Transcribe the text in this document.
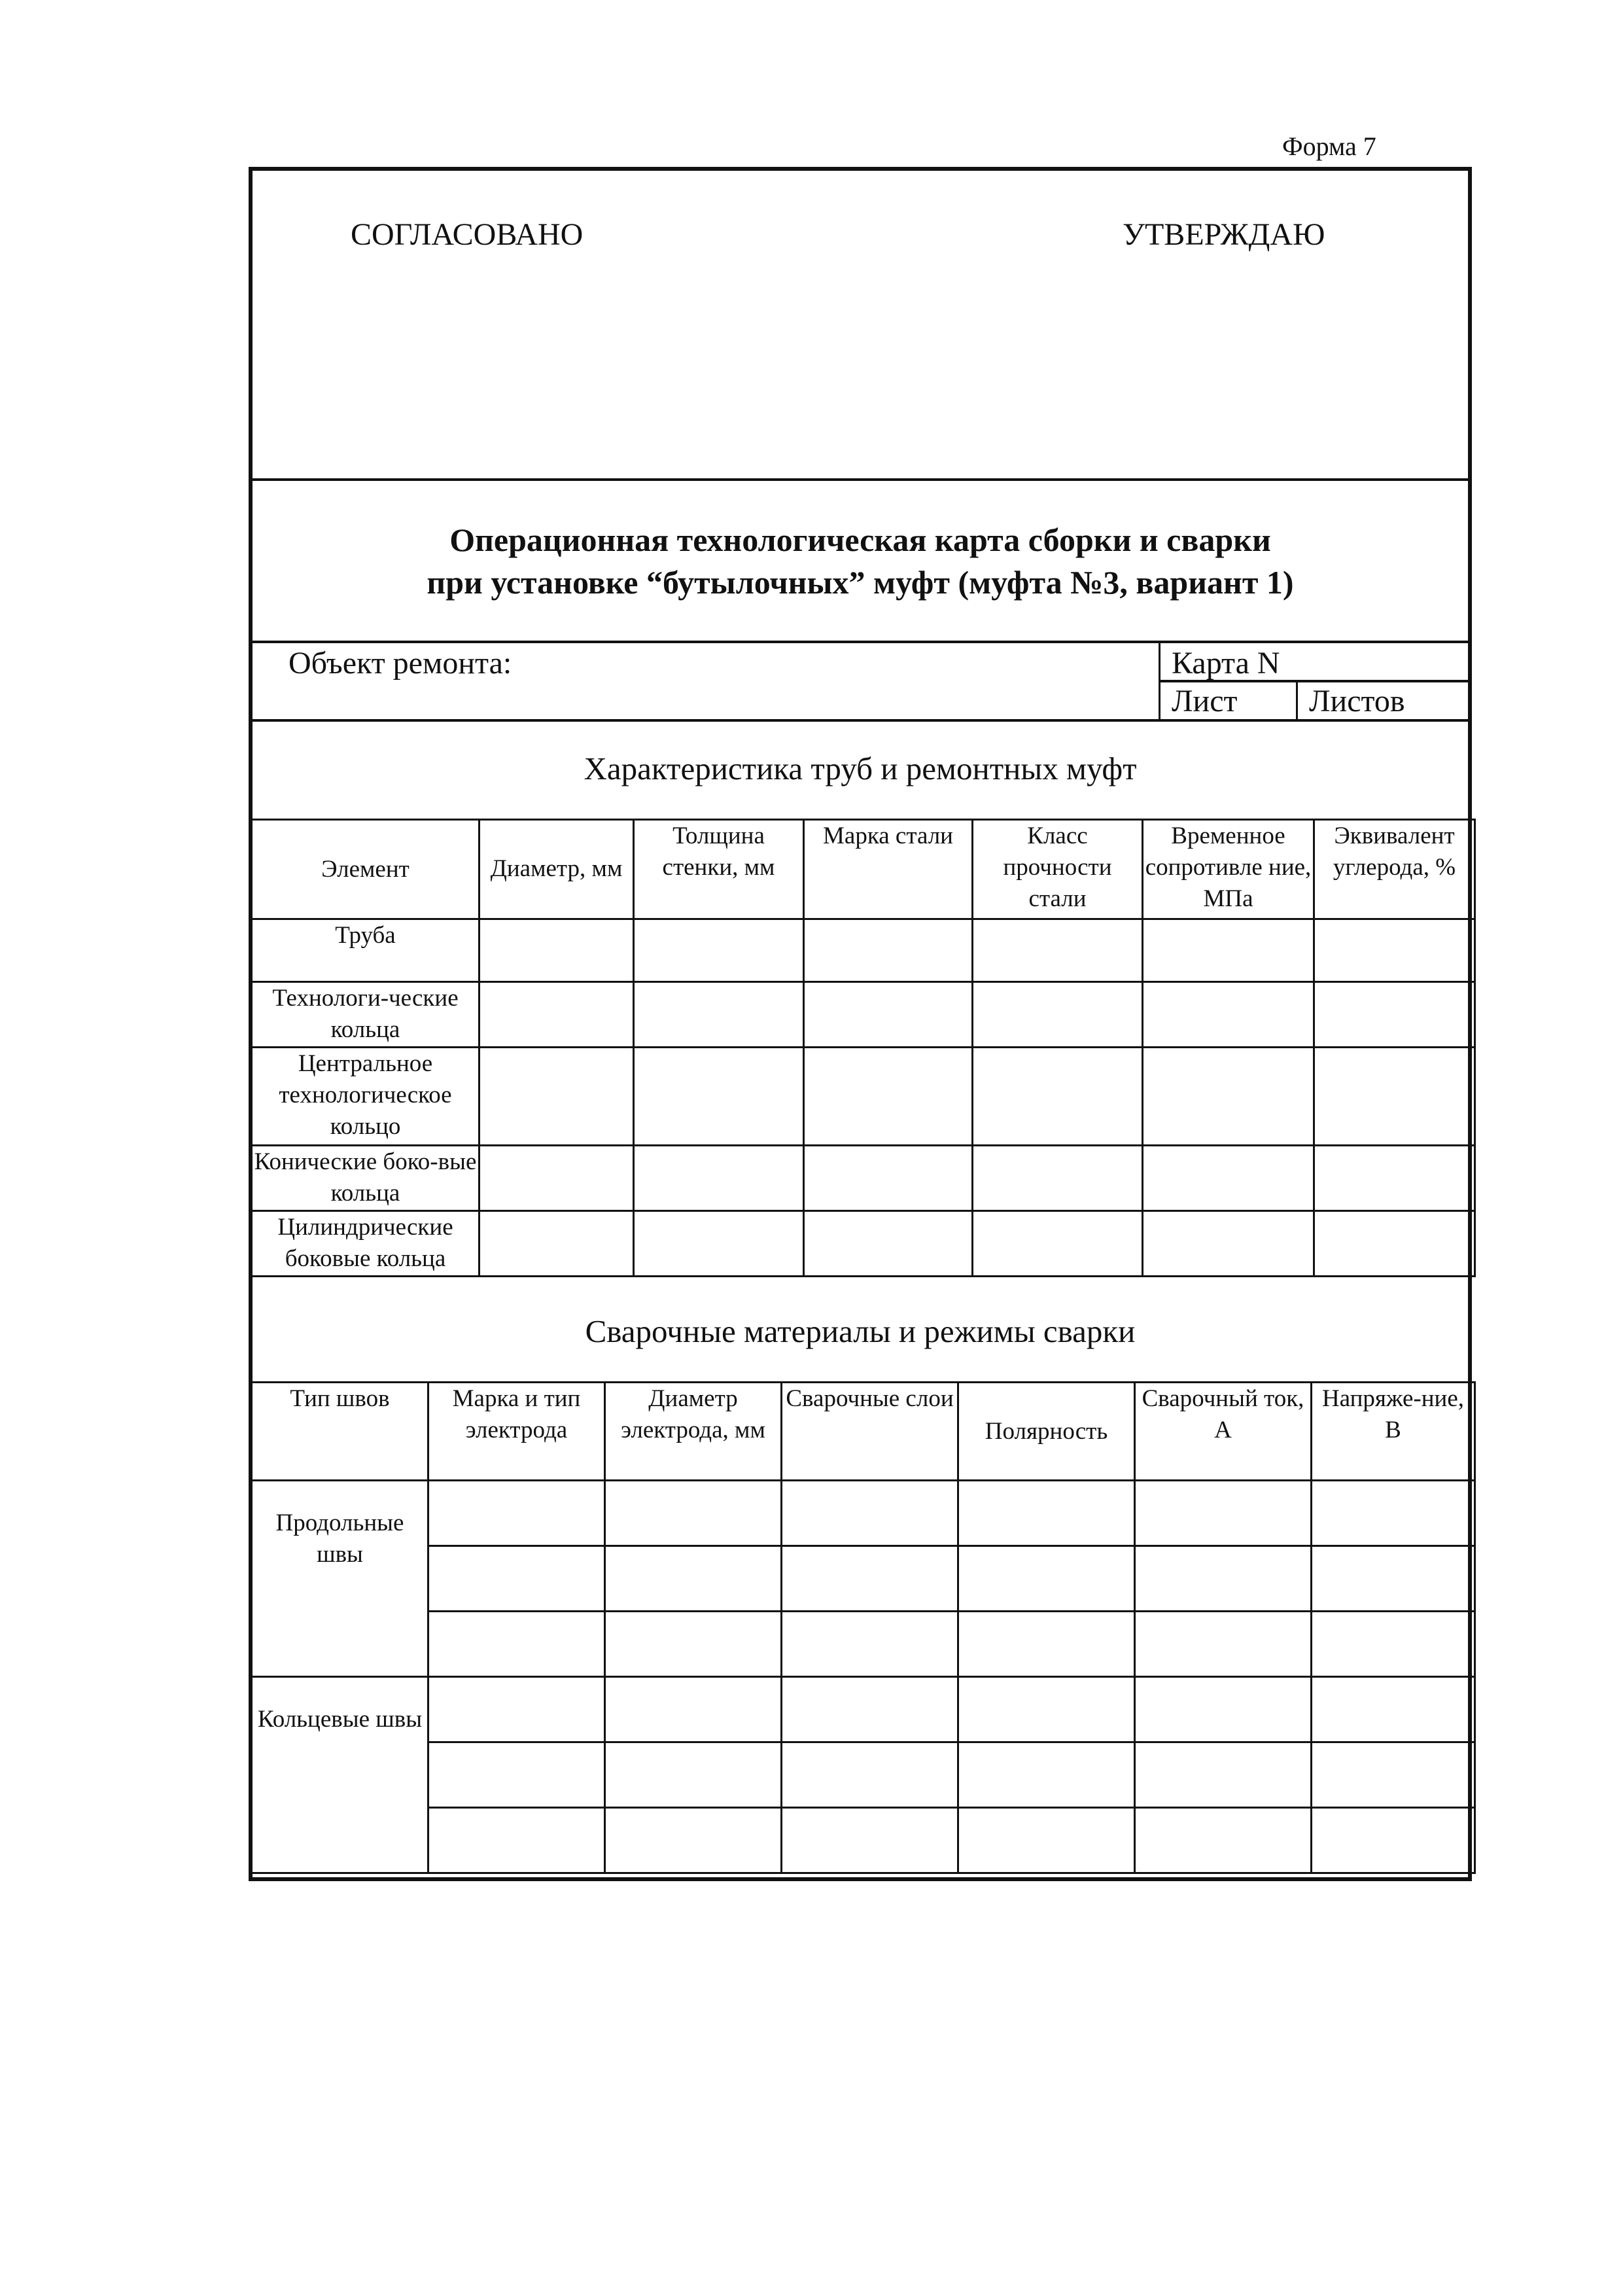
Форма 7
СОГЛАСОВАНО	УТВЕРЖДАЮ
Операционная технологическая карта сборки и сварки
при установке “бутылочных” муфт (муфта №3, вариант 1)
Объект ремонта:	Карта N
Лист Листов
Характеристика труб и ремонтных муфт
Элемент	Диаметр, мм	Толщина стенки, мм	Марка стали	Класс прочности стали	Временное сопротивле ние, МПа	Эквивалент углерода, %
Труба						
Технологи-ческие кольца						
Центральное технологическое кольцо						
Конические боко-вые кольца						
Цилиндрические боковые кольца						
Сварочные материалы и режимы сварки
Тип швов	Марка и тип электрода	Диаметр электрода, мм	Сварочные слои	Полярность	Сварочный ток, А	Напряже-ние, В
Продольные швы						

Кольцевые швы						
